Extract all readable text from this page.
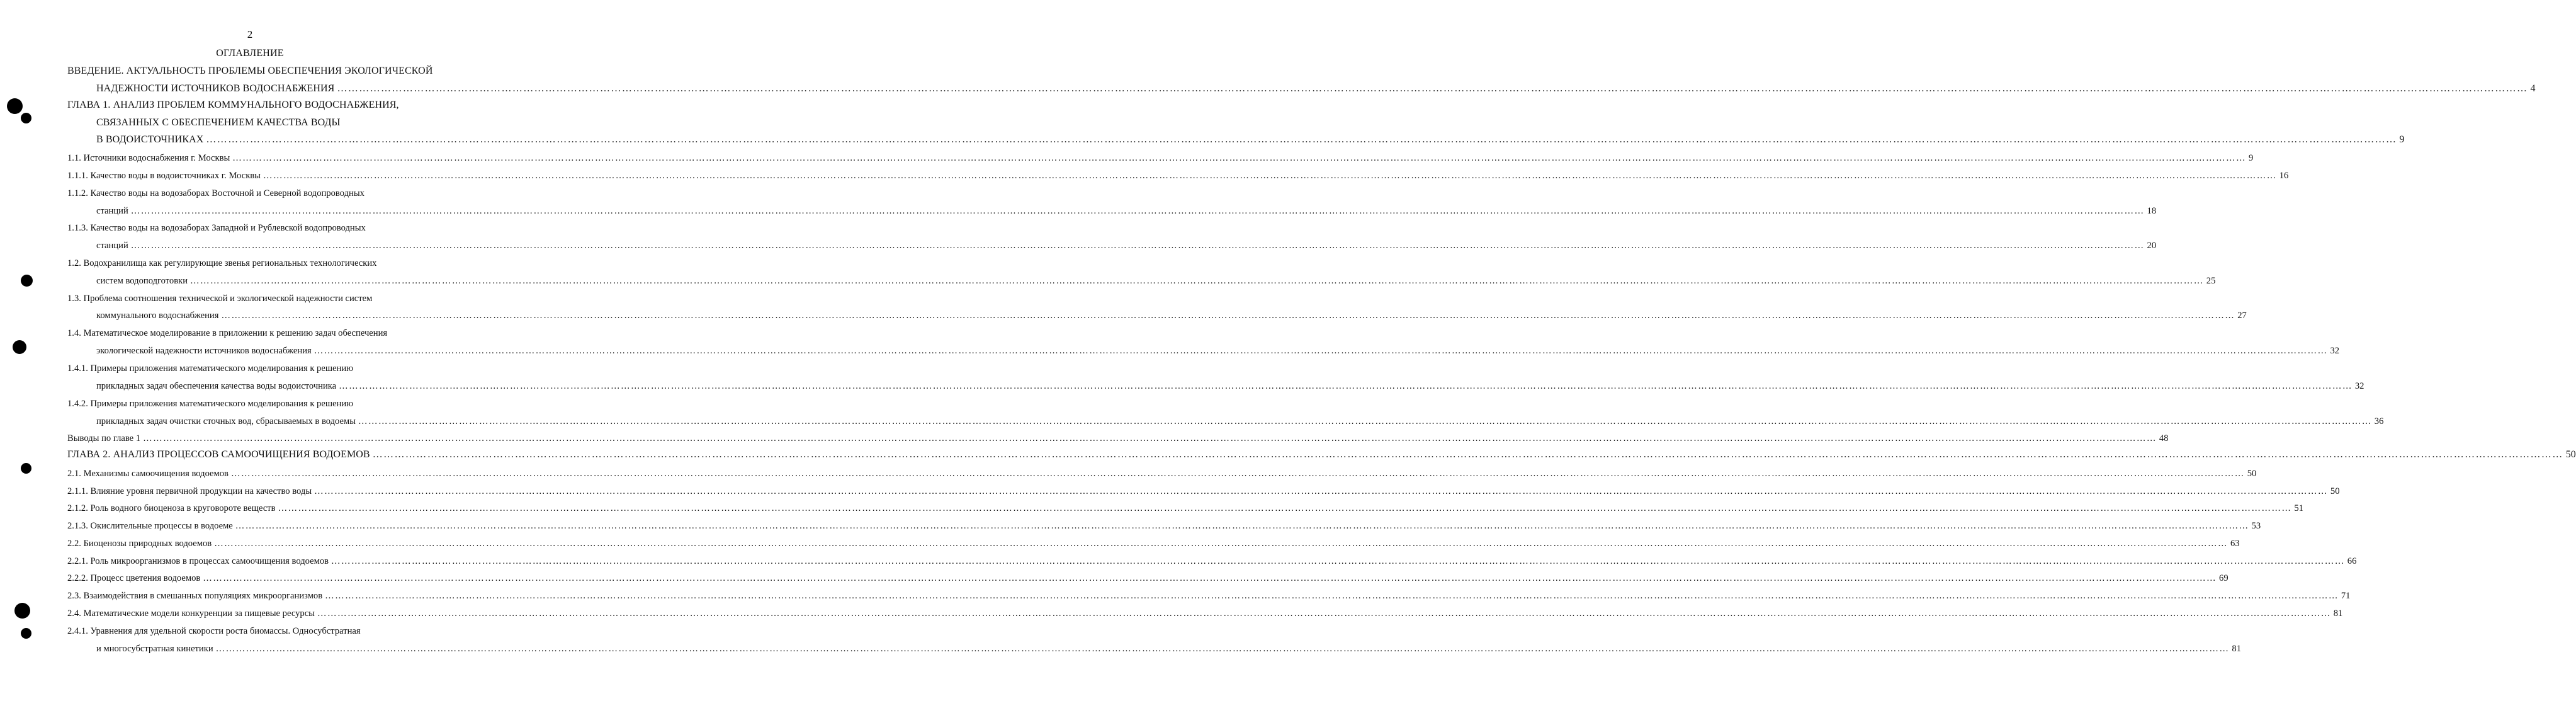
2
ОГЛАВЛЕНИЕ
ВВЕДЕНИЕ. АКТУАЛЬНОСТЬ ПРОБЛЕМЫ ОБЕСПЕЧЕНИЯ ЭКОЛОГИЧЕСКОЙ
НАДЕЖНОСТИ ИСТОЧНИКОВ ВОДОСНАБЖЕНИЯ …………………………………………………………………………………………………………………………………………………………………………………………………………………………………………………………………………………………………………………………………………………………………………………………………………………………………………………………………………………………………………………………………………………… 4
ГЛАВА 1. АНАЛИЗ ПРОБЛЕМ КОММУНАЛЬНОГО ВОДОСНАБЖЕНИЯ,
СВЯЗАННЫХ С ОБЕСПЕЧЕНИЕМ КАЧЕСТВА ВОДЫ
В ВОДОИСТОЧНИКАХ …………………………………………………………………………………………………………………………………………………………………………………………………………………………………………………………………………………………………………………………………………………………………………………………………………………………………………………………………………………………………………………………………………………… 9
1.1. Источники водоснабжения г. Москвы …………………………………………………………………………………………………………………………………………………………………………………………………………………………………………………………………………………………………………………………………………………………………………………………………………………………………………………………………………………………………………………………………………………… 9
1.1.1. Качество воды в водоисточниках г. Москвы …………………………………………………………………………………………………………………………………………………………………………………………………………………………………………………………………………………………………………………………………………………………………………………………………………………………………………………………………………………………………………………………………………………… 16
1.1.2. Качество воды на водозаборах Восточной и Северной водопроводных
станций …………………………………………………………………………………………………………………………………………………………………………………………………………………………………………………………………………………………………………………………………………………………………………………………………………………………………………………………………………………………………………………………………………………… 18
1.1.3. Качество воды на водозаборах Западной и Рублевской водопроводных
станций …………………………………………………………………………………………………………………………………………………………………………………………………………………………………………………………………………………………………………………………………………………………………………………………………………………………………………………………………………………………………………………………………………………… 20
1.2. Водохранилища как регулирующие звенья региональных технологических
систем водоподготовки …………………………………………………………………………………………………………………………………………………………………………………………………………………………………………………………………………………………………………………………………………………………………………………………………………………………………………………………………………………………………………………………………………………… 25
1.3. Проблема соотношения технической и экологической надежности систем
коммунального водоснабжения …………………………………………………………………………………………………………………………………………………………………………………………………………………………………………………………………………………………………………………………………………………………………………………………………………………………………………………………………………………………………………………………………………………… 27
1.4. Математическое моделирование в приложении к решению задач обеспечения
экологической надежности источников водоснабжения …………………………………………………………………………………………………………………………………………………………………………………………………………………………………………………………………………………………………………………………………………………………………………………………………………………………………………………………………………………………………………………………………………………… 32
1.4.1. Примеры приложения математического моделирования к решению
прикладных задач обеспечения качества воды водоисточника …………………………………………………………………………………………………………………………………………………………………………………………………………………………………………………………………………………………………………………………………………………………………………………………………………………………………………………………………………………………………………………………………………………… 32
1.4.2. Примеры приложения математического моделирования к решению
прикладных задач очистки сточных вод, сбрасываемых в водоемы …………………………………………………………………………………………………………………………………………………………………………………………………………………………………………………………………………………………………………………………………………………………………………………………………………………………………………………………………………………………………………………………………………………… 36
Выводы по главе 1 …………………………………………………………………………………………………………………………………………………………………………………………………………………………………………………………………………………………………………………………………………………………………………………………………………………………………………………………………………………………………………………………………………………… 48
ГЛАВА 2. АНАЛИЗ ПРОЦЕССОВ САМООЧИЩЕНИЯ ВОДОЕМОВ …………………………………………………………………………………………………………………………………………………………………………………………………………………………………………………………………………………………………………………………………………………………………………………………………………………………………………………………………………………………………………………………………………………… 50
2.1. Механизмы самоочищения водоемов …………………………………………………………………………………………………………………………………………………………………………………………………………………………………………………………………………………………………………………………………………………………………………………………………………………………………………………………………………………………………………………………………………………… 50
2.1.1. Влияние уровня первичной продукции на качество воды …………………………………………………………………………………………………………………………………………………………………………………………………………………………………………………………………………………………………………………………………………………………………………………………………………………………………………………………………………………………………………………………………………………… 50
2.1.2. Роль водного биоценоза в круговороте веществ …………………………………………………………………………………………………………………………………………………………………………………………………………………………………………………………………………………………………………………………………………………………………………………………………………………………………………………………………………………………………………………………………………………… 51
2.1.3. Окислительные процессы в водоеме …………………………………………………………………………………………………………………………………………………………………………………………………………………………………………………………………………………………………………………………………………………………………………………………………………………………………………………………………………………………………………………………………………………… 53
2.2. Биоценозы природных водоемов …………………………………………………………………………………………………………………………………………………………………………………………………………………………………………………………………………………………………………………………………………………………………………………………………………………………………………………………………………………………………………………………………………………… 63
2.2.1. Роль микроорганизмов в процессах самоочищения водоемов …………………………………………………………………………………………………………………………………………………………………………………………………………………………………………………………………………………………………………………………………………………………………………………………………………………………………………………………………………………………………………………………………………………… 66
2.2.2. Процесс цветения водоемов …………………………………………………………………………………………………………………………………………………………………………………………………………………………………………………………………………………………………………………………………………………………………………………………………………………………………………………………………………………………………………………………………………………… 69
2.3. Взаимодействия в смешанных популяциях микроорганизмов …………………………………………………………………………………………………………………………………………………………………………………………………………………………………………………………………………………………………………………………………………………………………………………………………………………………………………………………………………………………………………………………………………………… 71
2.4. Математические модели конкуренции за пищевые ресурсы …………………………………………………………………………………………………………………………………………………………………………………………………………………………………………………………………………………………………………………………………………………………………………………………………………………………………………………………………………………………………………………………………………………… 81
2.4.1. Уравнения для удельной скорости роста биомассы. Односубстратная
и многосубстратная кинетики …………………………………………………………………………………………………………………………………………………………………………………………………………………………………………………………………………………………………………………………………………………………………………………………………………………………………………………………………………………………………………………………………………………… 81
